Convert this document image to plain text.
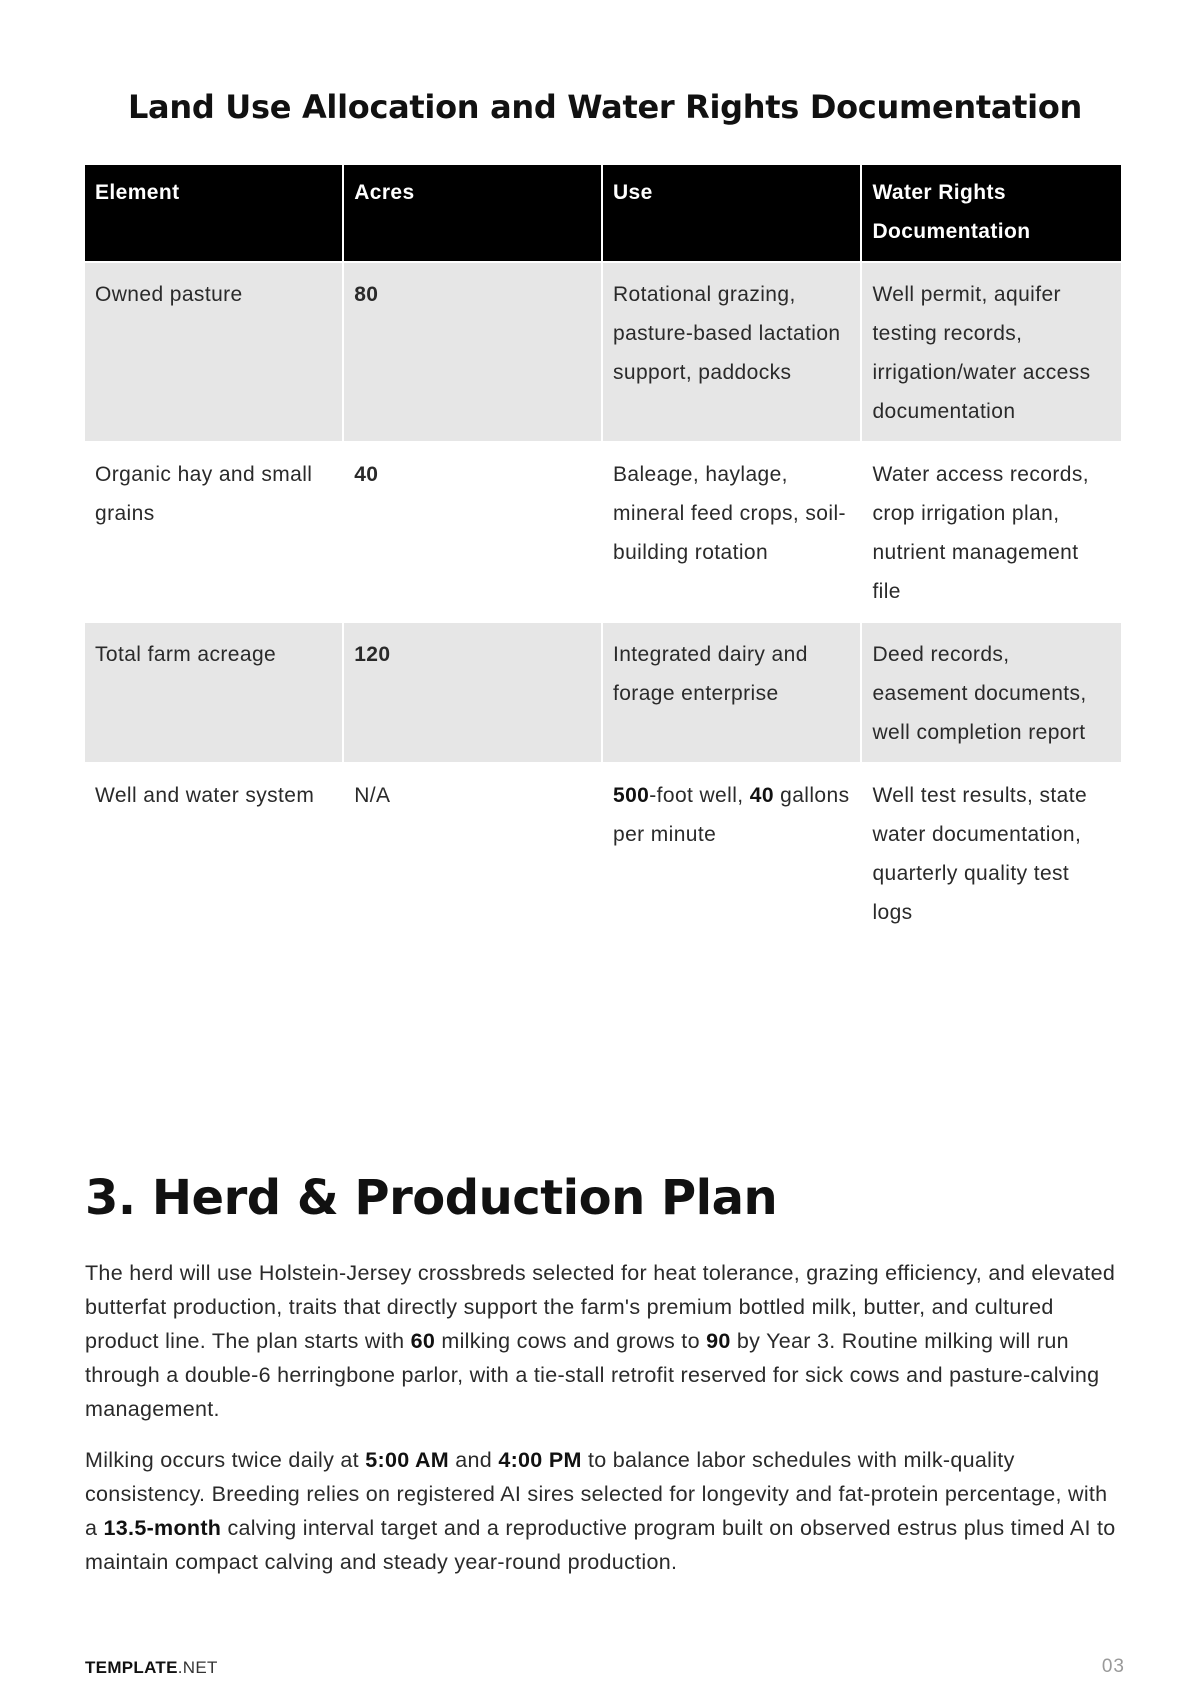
Land Use Allocation and Water Rights Documentation
Element	Acres	Use	Water Rights Documentation
Owned pasture	80	Rotational grazing, pasture-based lactation support, paddocks	Well permit, aquifer testing records, irrigation/water access documentation
Organic hay and small grains	40	Baleage, haylage, mineral feed crops, soil-building rotation	Water access records, crop irrigation plan, nutrient management file
Total farm acreage	120	Integrated dairy and forage enterprise	Deed records, easement documents, well completion report
Well and water system	N/A	500-foot well, 40 gallons per minute	Well test results, state water documentation, quarterly quality test logs
3. Herd & Production Plan

The herd will use Holstein-Jersey crossbreds selected for heat tolerance, grazing efficiency, and elevated butterfat production, traits that directly support the farm's premium bottled milk, butter, and cultured product line. The plan starts with 60 milking cows and grows to 90 by Year 3. Routine milking will run through a double-6 herringbone parlor, with a tie-stall retrofit reserved for sick cows and pasture-calving management.

Milking occurs twice daily at 5:00 AM and 4:00 PM to balance labor schedules with milk-quality consistency. Breeding relies on registered AI sires selected for longevity and fat-protein percentage, with a 13.5-month calving interval target and a reproductive program built on observed estrus plus timed AI to maintain compact calving and steady year-round production.

TEMPLATE.NET	03
